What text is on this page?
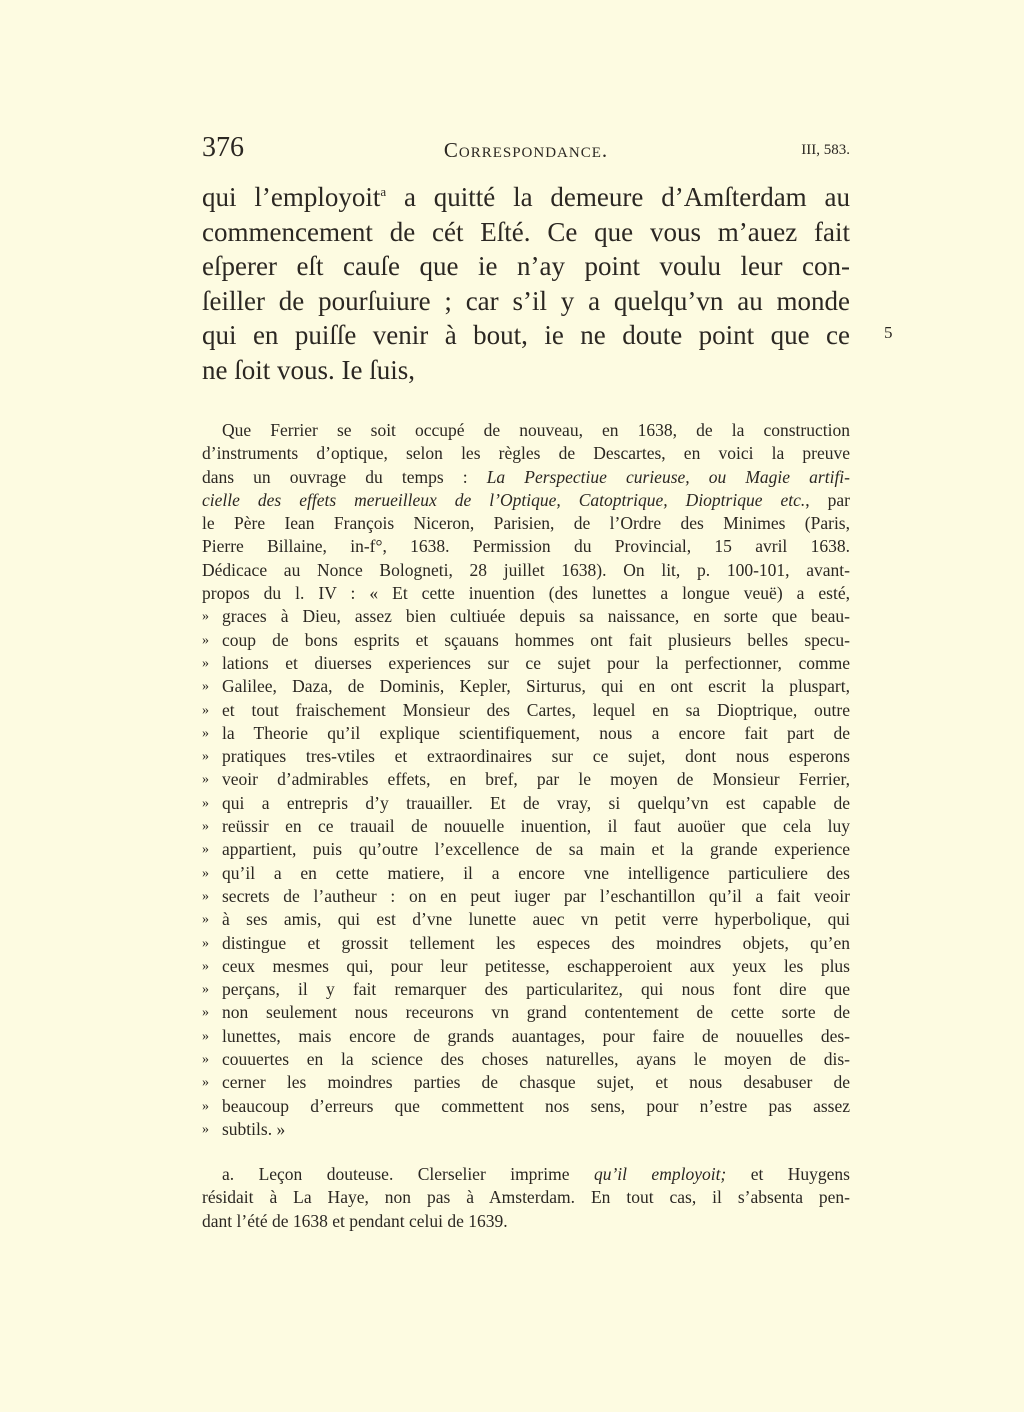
376	Correspondance.	III, 583.
qui l’employoit$^a$ a quitté la demeure d’Amſterdam au
commencement de cét Eſté. Ce que vous m’auez fait
eſperer eſt cauſe que ie n’ay point voulu leur con-
ſeiller de pourſuiure ; car s’il y a quelqu’vn au monde
qui en puiſſe venir à bout, ie ne doute point que ce
ne ſoit vous. Ie ſuis,
5
Que Ferrier se soit occupé de nouveau, en 1638, de la construction
d’instruments d’optique, selon les règles de Descartes, en voici la preuve
dans un ouvrage du temps : La Perspectiue curieuse, ou Magie artifi-
cielle des effets merueilleux de l’Optique, Catoptrique, Dioptrique etc., par
le Père Iean François Niceron, Parisien, de l’Ordre des Minimes (Paris,
Pierre Billaine, in-f°, 1638. Permission du Provincial, 15 avril 1638.
Dédicace au Nonce Bologneti, 28 juillet 1638). On lit, p. 100-101, avant-
propos du l. IV : « Et cette inuention (des lunettes a longue veuë) a esté,
» graces à Dieu, assez bien cultiuée depuis sa naissance, en sorte que beau-
» coup de bons esprits et sçauans hommes ont fait plusieurs belles specu-
» lations et diuerses experiences sur ce sujet pour la perfectionner, comme
» Galilee, Daza, de Dominis, Kepler, Sirturus, qui en ont escrit la pluspart,
» et tout fraischement Monsieur des Cartes, lequel en sa Dioptrique, outre
» la Theorie qu’il explique scientifiquement, nous a encore fait part de
» pratiques tres-vtiles et extraordinaires sur ce sujet, dont nous esperons
» veoir d’admirables effets, en bref, par le moyen de Monsieur Ferrier,
» qui a entrepris d’y trauailler. Et de vray, si quelqu’vn est capable de
» reüssir en ce trauail de nouuelle inuention, il faut auoüer que cela luy
» appartient, puis qu’outre l’excellence de sa main et la grande experience
» qu’il a en cette matiere, il a encore vne intelligence particuliere des
» secrets de l’autheur : on en peut iuger par l’eschantillon qu’il a fait veoir
» à ses amis, qui est d’vne lunette auec vn petit verre hyperbolique, qui
» distingue et grossit tellement les especes des moindres objets, qu’en
» ceux mesmes qui, pour leur petitesse, eschapperoient aux yeux les plus
» perçans, il y fait remarquer des particularitez, qui nous font dire que
» non seulement nous receurons vn grand contentement de cette sorte de
» lunettes, mais encore de grands auantages, pour faire de nouuelles des-
» couuertes en la science des choses naturelles, ayans le moyen de dis-
» cerner les moindres parties de chasque sujet, et nous desabuser de
» beaucoup d’erreurs que commettent nos sens, pour n’estre pas assez
» subtils. »
a. Leçon douteuse. Clerselier imprime qu’il employoit; et Huygens
résidait à La Haye, non pas à Amsterdam. En tout cas, il s’absenta pen-
dant l’été de 1638 et pendant celui de 1639.
